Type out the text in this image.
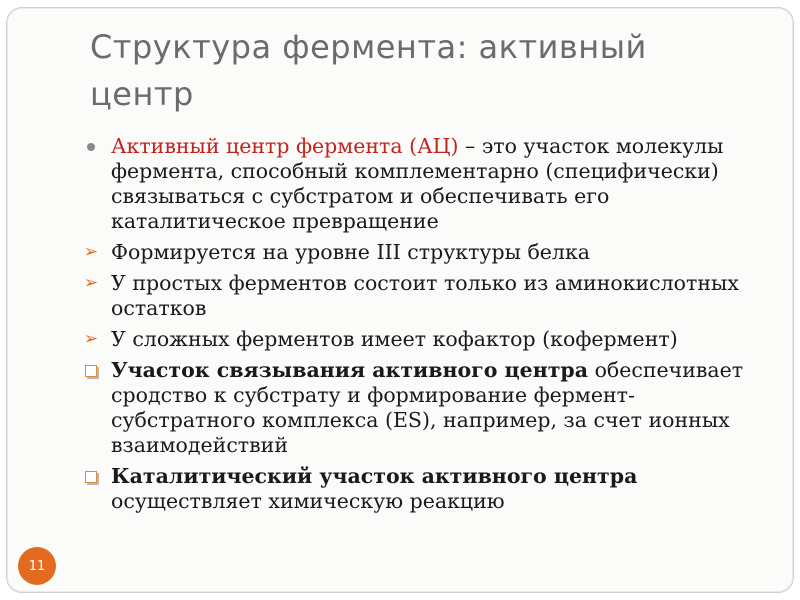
Структура фермента: активный центр
Активный центр фермента (АЦ) – это участок молекулы фермента, способный комплементарно (специфически) связываться с субстратом и обеспечивать его каталитическое превращение
➢ Формируется на уровне III структуры белка
➢ У простых ферментов состоит только из аминокислотных остатков
➢ У сложных ферментов имеет кофактор (кофермент)
Участок связывания активного центра обеспечивает сродство к субстрату и формирование фермент-субстратного комплекса (ES), например, за счет ионных взаимодействий
Каталитический участок активного центра осуществляет химическую реакцию
11
